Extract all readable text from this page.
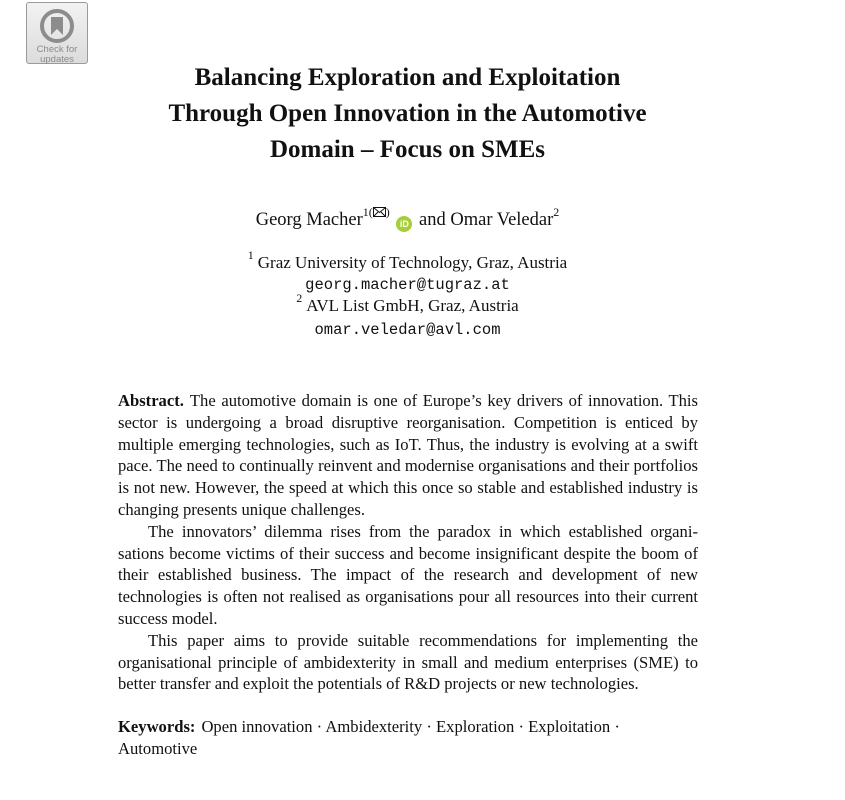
Check for
updates
Balancing Exploration and Exploitation
Through Open Innovation in the Automotive
Domain – Focus on SMEs
Georg Macher$^{1( )}$ iD and Omar Veledar$^2$
$^1$ Graz University of Technology, Graz, Austria
georg.macher@tugraz.at
$^2$ AVL List GmbH, Graz, Austria
omar.veledar@avl.com

Abstract. The automotive domain is one of Europe’s key drivers of innovation. This sector is undergoing a broad disruptive reorganisation. Competition is enticed by multiple emerging technologies, such as IoT. Thus, the industry is evolving at a swift pace. The need to continually reinvent and modernise organisations and their portfolios is not new. However, the speed at which this once so stable and established industry is changing presents unique challenges.

The innovators’ dilemma rises from the paradox in which established organisations become victims of their success and become insignificant despite the boom of their established business. The impact of the research and development of new technologies is often not realised as organisations pour all resources into their current success model.

This paper aims to provide suitable recommendations for implementing the organisational principle of ambidexterity in small and medium enterprises (SME) to better transfer and exploit the potentials of R&D projects or new technologies.

Keywords: Open innovation · Ambidexterity · Exploration · Exploitation · Automotive
